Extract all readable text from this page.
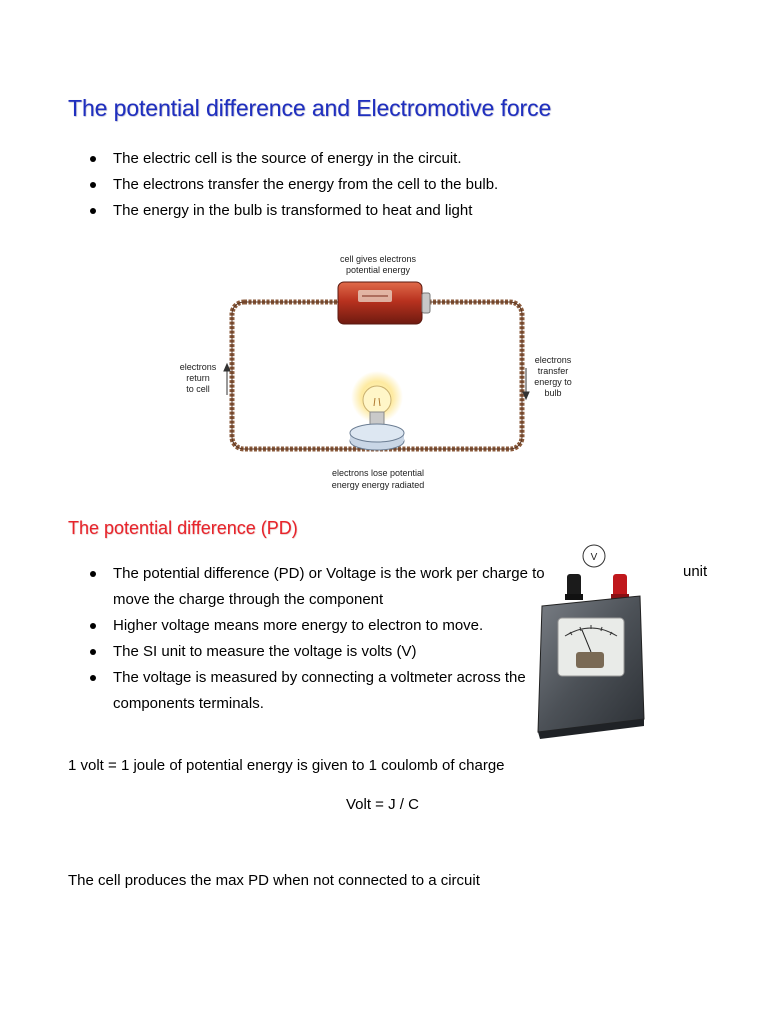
The potential difference and Electromotive force
The electric cell is the source of energy in the circuit.
The electrons transfer the energy from the cell to the bulb.
The energy in the bulb is transformed to heat and light
cell gives electrons
potential energy
electrons
return
to cell
electrons
transfer
energy to
bulb
electrons lose potential
energy energy radiated
The potential difference (PD)
The potential difference (PD) or Voltage is the work per charge to move the charge through the component
Higher voltage means more energy to electron to move.
The SI unit to measure the voltage is volts (V)
The voltage is measured by connecting a voltmeter across the components terminals.
unit
V
1 volt = 1 joule of potential energy is given to 1 coulomb of charge
Volt = J / C
The cell produces the max PD when not connected to a circuit
